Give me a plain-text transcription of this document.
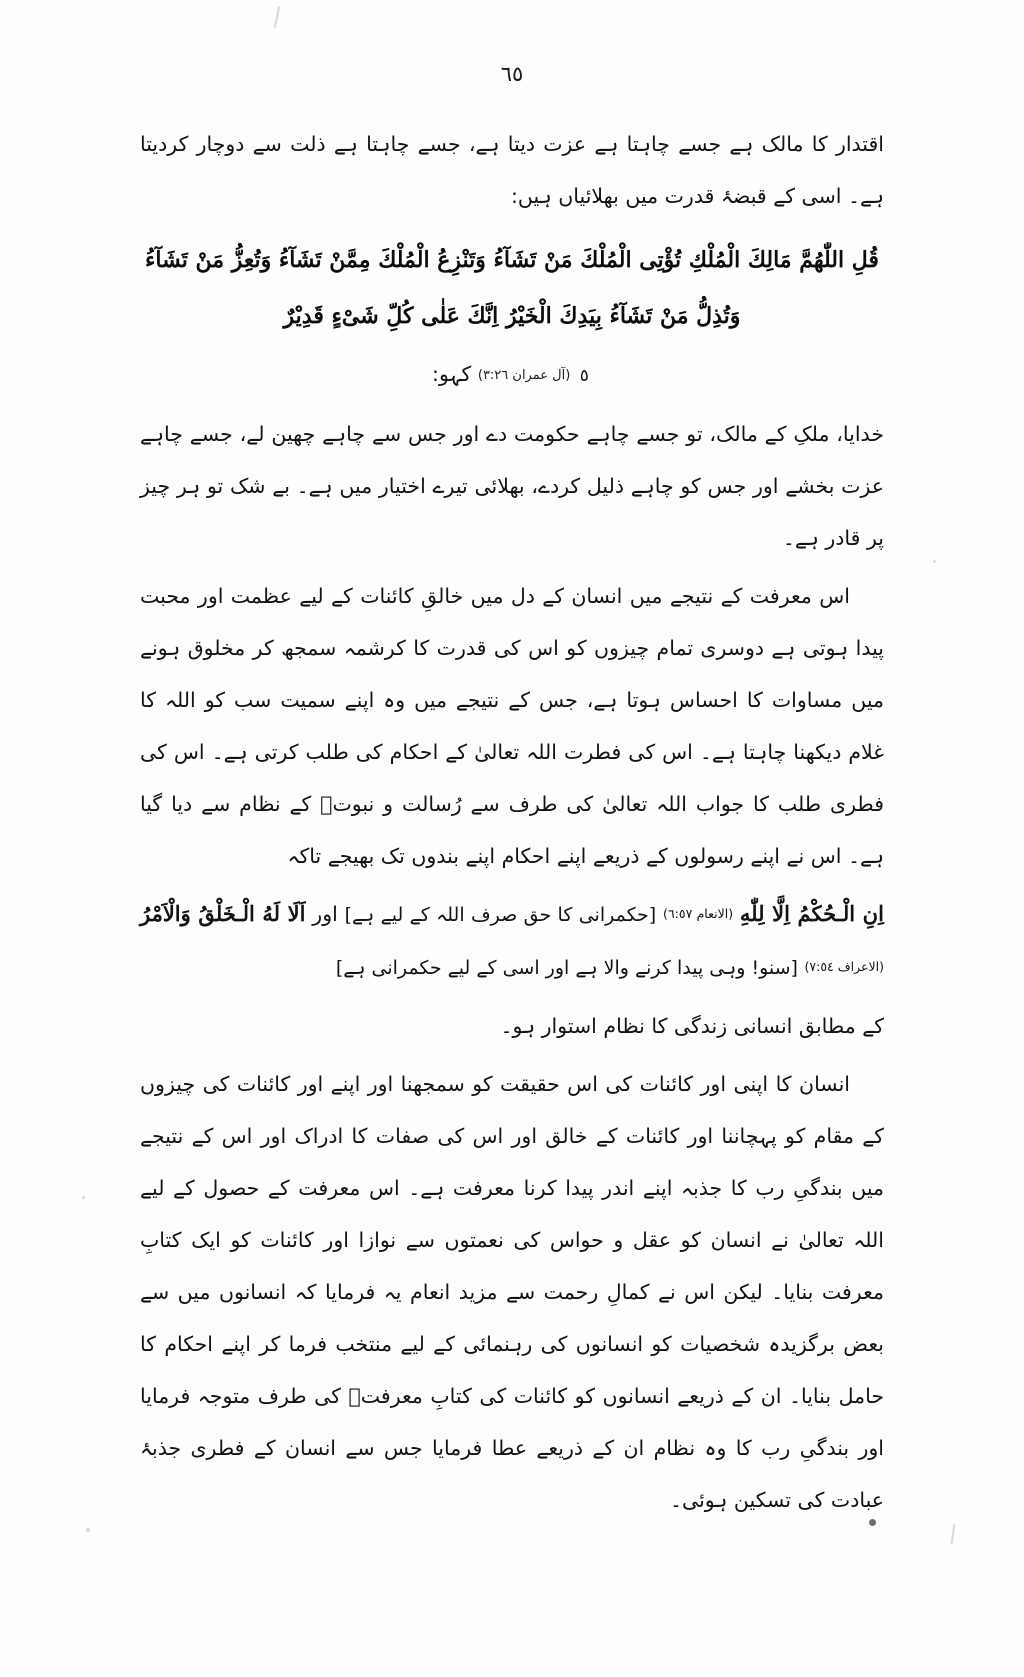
٦٥

اقتدار کا مالک ہے جسے چاہتا ہے عزت دیتا ہے، جسے چاہتا ہے ذلت سے دوچار کردیتا ہے۔ اسی کے قبضۂ قدرت میں بھلائیاں ہیں:

قُلِ اللّٰهُمَّ مَالِكَ الْمُلْكِ تُؤْتِى الْمُلْكَ مَنْ تَشَآءُ وَتَنْزِعُ الْمُلْكَ مِمَّنْ تَشَآءُ وَتُعِزُّ مَنْ تَشَآءُ وَتُذِلُّ مَنْ تَشَآءُ بِيَدِكَ الْخَيْرُ اِنَّكَ عَلٰى كُلِّ شَىْءٍ قَدِيْرٌ

٥ (آل عمران ٣:٢٦) کہو:

خدایا، ملکِ کے مالک، تو جسے چاہے حکومت دے اور جس سے چاہے چھین لے، جسے چاہے عزت بخشے اور جس کو چاہے ذلیل کردے، بھلائی تیرے اختیار میں ہے۔ بے شک تو ہر چیز پر قادر ہے۔

اس معرفت کے نتیجے میں انسان کے دل میں خالقِ کائنات کے لیے عظمت اور محبت پیدا ہوتی ہے دوسری تمام چیزوں کو اس کی قدرت کا کرشمہ سمجھ کر مخلوق ہونے میں مساوات کا احساس ہوتا ہے، جس کے نتیجے میں وہ اپنے سمیت سب کو اللہ کا غلام دیکھنا چاہتا ہے۔ اس کی فطرت اللہ تعالیٰ کے احکام کی طلب کرتی ہے۔ اس کی فطری طلب کا جواب اللہ تعالیٰ کی طرف سے رُسالت و نبوتؐ کے نظام سے دیا گیا ہے۔ اس نے اپنے رسولوں کے ذریعے اپنے احکام اپنے بندوں تک بھیجے تاکہ

اِنِ الْـحُكْمُ اِلَّا لِلّٰهِ (الانعام ٦:٥٧) [حکمرانی کا حق صرف اللہ کے لیے ہے] اور اَلَا لَهُ الْـخَلْقُ وَالْاَمْرُ (الاعراف ٧:٥٤) [سنو! وہی پیدا کرنے والا ہے اور اسی کے لیے حکمرانی ہے]

کے مطابق انسانی زندگی کا نظام استوار ہو۔

انسان کا اپنی اور کائنات کی اس حقیقت کو سمجھنا اور اپنے اور کائنات کی چیزوں کے مقام کو پہچاننا اور کائنات کے خالق اور اس کی صفات کا ادراک اور اس کے نتیجے میں بندگیِ رب کا جذبہ اپنے اندر پیدا کرنا معرفت ہے۔ اس معرفت کے حصول کے لیے اللہ تعالیٰ نے انسان کو عقل و حواس کی نعمتوں سے نوازا اور کائنات کو ایک کتابِ معرفت بنایا۔ لیکن اس نے کمالِ رحمت سے مزید انعام یہ فرمایا کہ انسانوں میں سے بعض برگزیدہ شخصیات کو انسانوں کی رہنمائی کے لیے منتخب فرما کر اپنے احکام کا حامل بنایا۔ ان کے ذریعے انسانوں کو کائنات کی کتابِ معرفتؐ کی طرف متوجہ فرمایا اور بندگیِ رب کا وہ نظام ان کے ذریعے عطا فرمایا جس سے انسان کے فطری جذبۂ عبادت کی تسکین ہوئی۔
